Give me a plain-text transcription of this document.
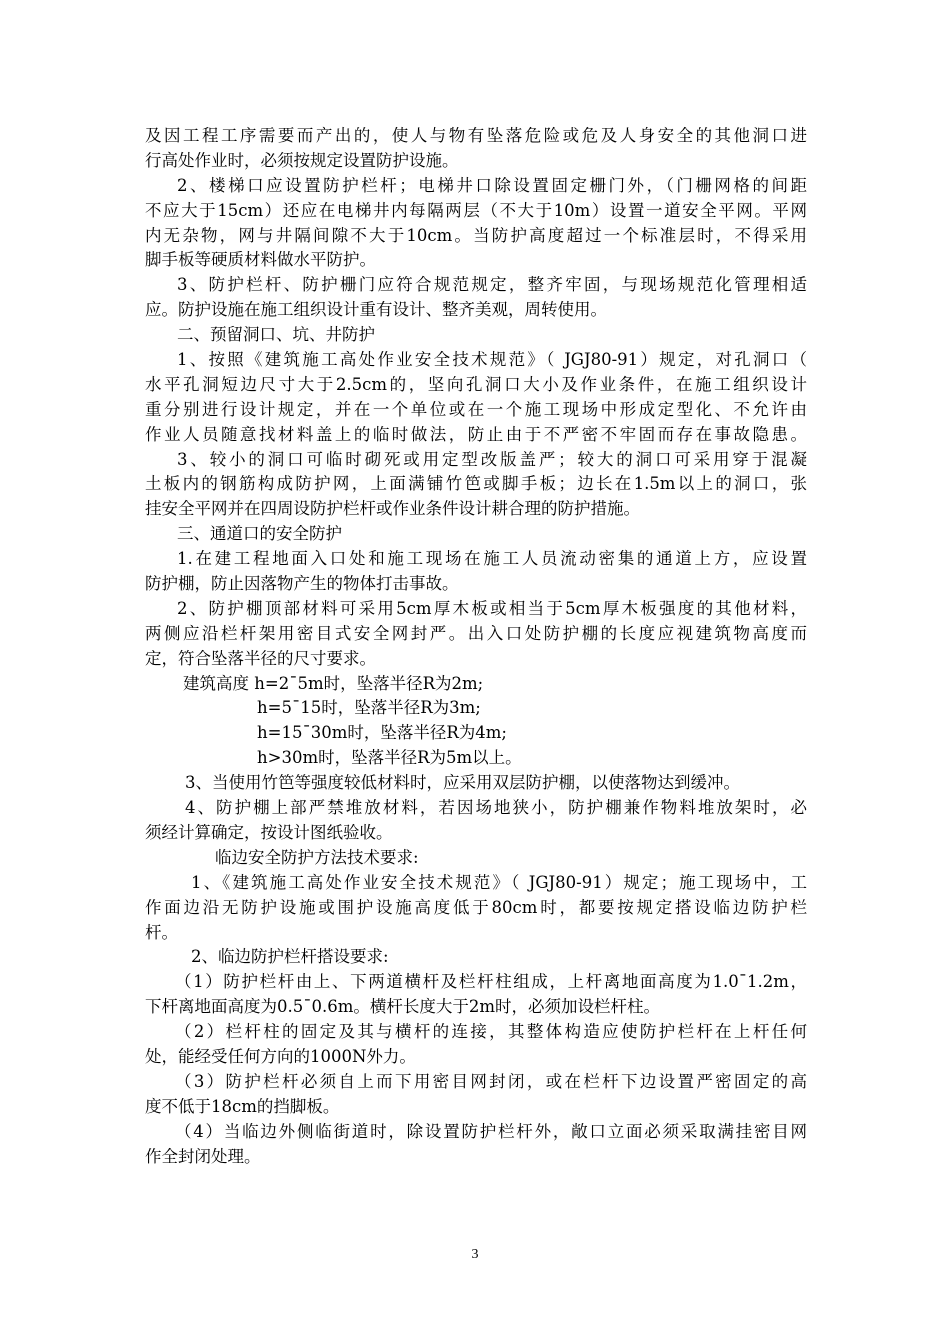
及因工程工序需要而产出的，使人与物有坠落危险或危及人身安全的其他洞口进
行高处作业时，必须按规定设置防护设施。
2、楼梯口应设置防护栏杆；电梯井口除设置固定栅门外，（门栅网格的间距
不应大于15cm）还应在电梯井内每隔两层（不大于10m）设置一道安全平网。平网
内无杂物，网与井隔间隙不大于10cm。当防护高度超过一个标准层时，不得采用
脚手板等硬质材料做水平防护。
3、防护栏杆、防护栅门应符合规范规定，整齐牢固，与现场规范化管理相适
应。防护设施在施工组织设计重有设计、整齐美观，周转使用。
二、预留洞口、坑、井防护
1、按照《建筑施工高处作业安全技术规范》（ JGJ80-91）规定，对孔洞口（
水平孔洞短边尺寸大于2.5cm的，坚向孔洞口大小及作业条件，在施工组织设计
重分别进行设计规定，并在一个单位或在一个施工现场中形成定型化、不允许由
作业人员随意找材料盖上的临时做法，防止由于不严密不牢固而存在事故隐患。
3、较小的洞口可临时砌死或用定型改版盖严；较大的洞口可采用穿于混凝
土板内的钢筋构成防护网，上面满铺竹笆或脚手板；边长在1.5m以上的洞口，张
挂安全平网并在四周设防护栏杆或作业条件设计耕合理的防护措施。
三、通道口的安全防护
1.在建工程地面入口处和施工现场在施工人员流动密集的通道上方，应设置
防护棚，防止因落物产生的物体打击事故。
2、防护棚顶部材料可采用5cm厚木板或相当于5cm厚木板强度的其他材料，
两侧应沿栏杆架用密目式安全网封严。出入口处防护棚的长度应视建筑物高度而
定，符合坠落半径的尺寸要求。
建筑高度 h=2¯5m时，坠落半径R为2m;
h=5¯15时，坠落半径R为3m;
h=15¯30m时，坠落半径R为4m;
h>30m时，坠落半径R为5m以上。
3、当使用竹笆等强度较低材料时，应采用双层防护棚，以使落物达到缓冲。
4、防护棚上部严禁堆放材料，若因场地狭小，防护棚兼作物料堆放架时，必
须经计算确定，按设计图纸验收。
临边安全防护方法技术要求:
1、《建筑施工高处作业安全技术规范》（ JGJ80-91）规定；施工现场中，工
作面边沿无防护设施或围护设施高度低于80cm时，都要按规定搭设临边防护栏
杆。
2、临边防护栏杆搭设要求:
（1）防护栏杆由上、下两道横杆及栏杆柱组成，上杆离地面高度为1.0¯1.2m，
下杆离地面高度为0.5¯0.6m。横杆长度大于2m时，必须加设栏杆柱。
（2）栏杆柱的固定及其与横杆的连接，其整体构造应使防护栏杆在上杆任何
处，能经受任何方向的1000N外力。
（3）防护栏杆必须自上而下用密目网封闭，或在栏杆下边设置严密固定的高
度不低于18cm的挡脚板。
（4）当临边外侧临街道时，除设置防护栏杆外，敞口立面必须采取满挂密目网
作全封闭处理。
3
